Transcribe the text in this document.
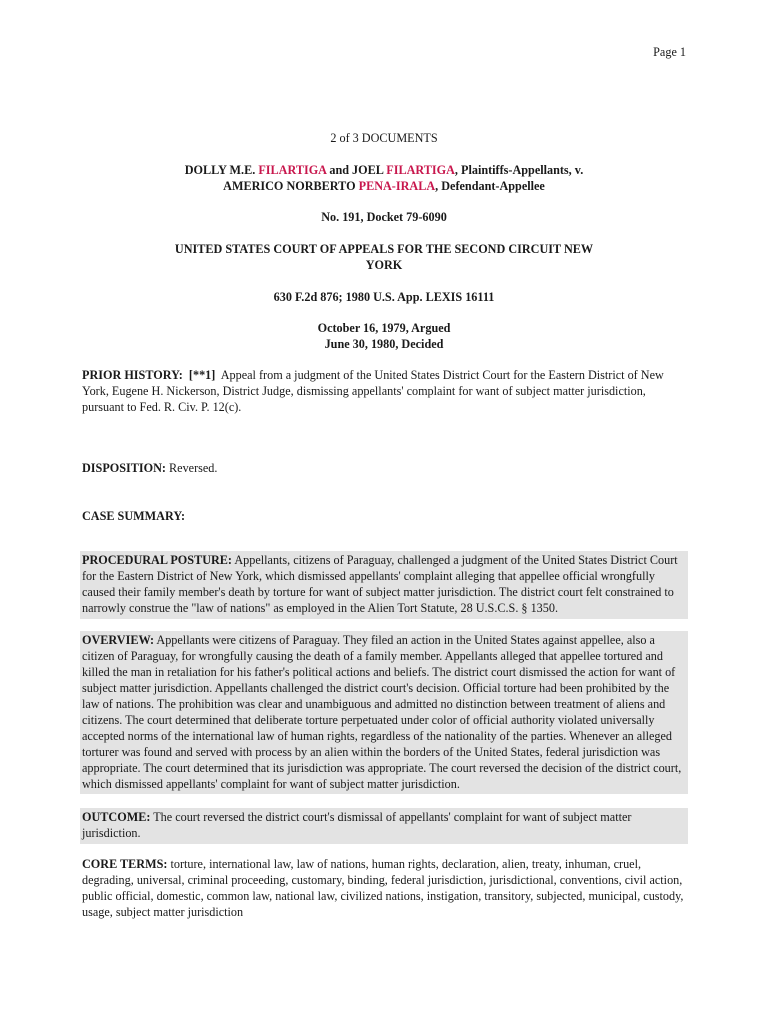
Page 1
2 of 3 DOCUMENTS
DOLLY M.E. FILARTIGA and JOEL FILARTIGA, Plaintiffs-Appellants, v.
AMERICO NORBERTO PENA-IRALA, Defendant-Appellee
No. 191, Docket 79-6090
UNITED STATES COURT OF APPEALS FOR THE SECOND CIRCUIT NEW YORK
630 F.2d 876; 1980 U.S. App. LEXIS 16111
October 16, 1979, Argued
June 30, 1980, Decided
PRIOR HISTORY: [**1] Appeal from a judgment of the United States District Court for the Eastern District of New York, Eugene H. Nickerson, District Judge, dismissing appellants' complaint for want of subject matter jurisdiction, pursuant to Fed. R. Civ. P. 12(c).
DISPOSITION: Reversed.
CASE SUMMARY:
PROCEDURAL POSTURE: Appellants, citizens of Paraguay, challenged a judgment of the United States District Court for the Eastern District of New York, which dismissed appellants' complaint alleging that appellee official wrongfully caused their family member's death by torture for want of subject matter jurisdiction. The district court felt constrained to narrowly construe the "law of nations" as employed in the Alien Tort Statute, 28 U.S.C.S. § 1350.
OVERVIEW: Appellants were citizens of Paraguay. They filed an action in the United States against appellee, also a citizen of Paraguay, for wrongfully causing the death of a family member. Appellants alleged that appellee tortured and killed the man in retaliation for his father's political actions and beliefs. The district court dismissed the action for want of subject matter jurisdiction. Appellants challenged the district court's decision. Official torture had been prohibited by the law of nations. The prohibition was clear and unambiguous and admitted no distinction between treatment of aliens and citizens. The court determined that deliberate torture perpetuated under color of official authority violated universally accepted norms of the international law of human rights, regardless of the nationality of the parties. Whenever an alleged torturer was found and served with process by an alien within the borders of the United States, federal jurisdiction was appropriate. The court determined that its jurisdiction was appropriate. The court reversed the decision of the district court, which dismissed appellants' complaint for want of subject matter jurisdiction.
OUTCOME: The court reversed the district court's dismissal of appellants' complaint for want of subject matter jurisdiction.
CORE TERMS: torture, international law, law of nations, human rights, declaration, alien, treaty, inhuman, cruel, degrading, universal, criminal proceeding, customary, binding, federal jurisdiction, jurisdictional, conventions, civil action, public official, domestic, common law, national law, civilized nations, instigation, transitory, subjected, municipal, custody, usage, subject matter jurisdiction
